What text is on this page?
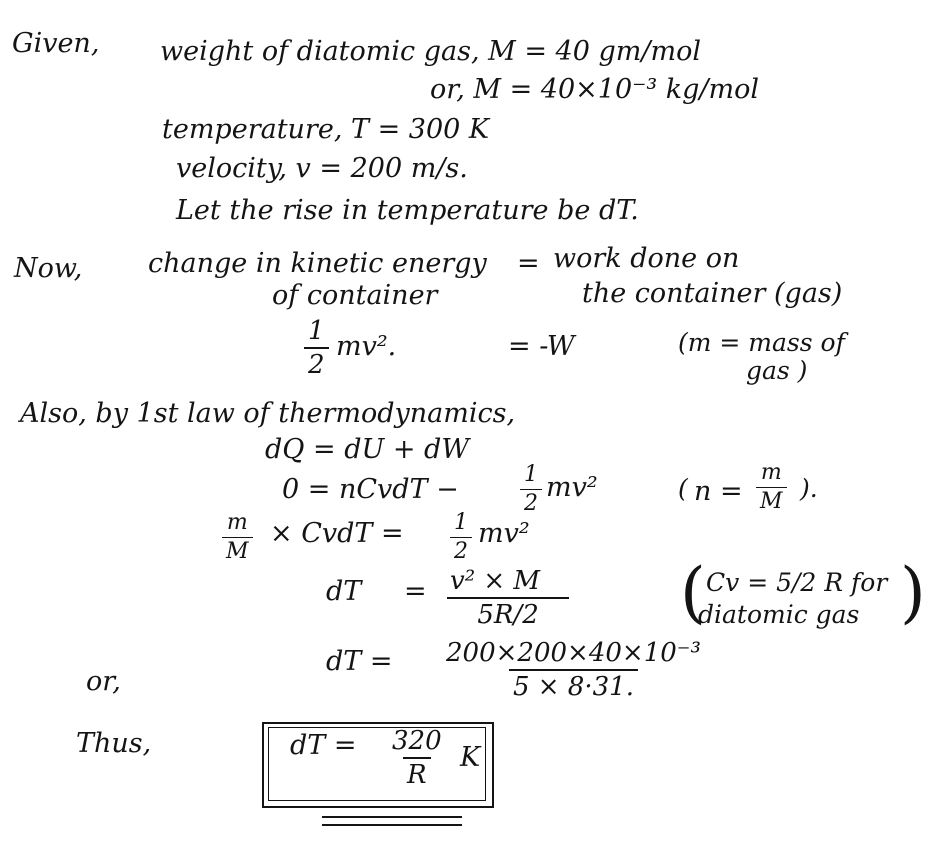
Given, weight of diatomic gas, M = 40 gm/mol
or, M = 40×10⁻³ kg/mol
temperature, T = 300 K
velocity, v = 200 m/s.
Let the rise in temperature be dT.
Now, change in kinetic energy
of container
= work done on
the container (gas)
$\frac{1}{2} mv^2$.	= -W	(m = mass of
gas )
Also, by 1st law of thermodynamics,
dQ = dU + dW
0 = nCvdT −	$\frac{1}{2} mv^2$	( $n = \frac{m}{M}$ ).
$\frac{m}{M}$ × CvdT = $\frac{1}{2} mv^2$
dT = $\frac{\text{v² × M}}{5R/2}$ ( Cv = 5/2 R for
diatomic gas )
or,
dT = $\frac{\text{200×200×40×10⁻³}}{5 \times 8\cdot 31.}$
Thus,	dT = $\frac{320}{R}$ K
